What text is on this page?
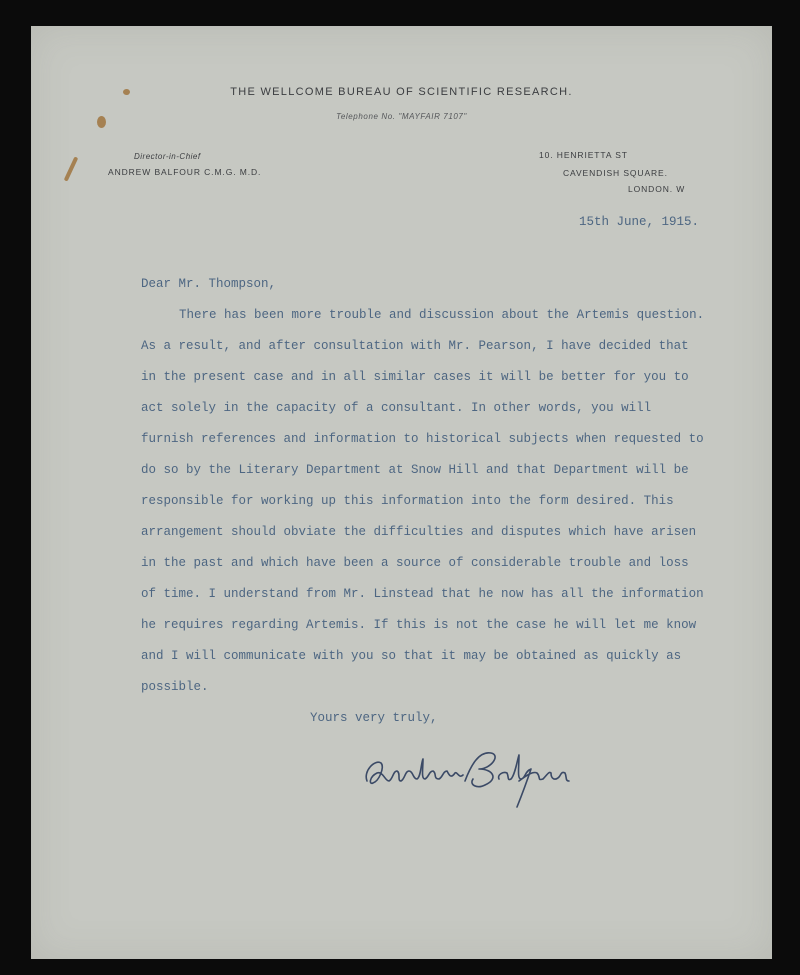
THE WELLCOME BUREAU OF SCIENTIFIC RESEARCH.
Telephone No. "MAYFAIR 7107"
Director-in-Chief
ANDREW BALFOUR C.M.G. M.D.
10. HENRIETTA ST
CAVENDISH SQUARE.
LONDON. W
15th June, 1915.
Dear Mr. Thompson,
There has been more trouble and discussion about the Artemis question.
As a result, and after consultation with Mr. Pearson, I have decided that
in the present case and in all similar cases it will be better for you to
act solely in the capacity of a consultant. In other words, you will
furnish references and information to historical subjects when requested to
do so by the Literary Department at Snow Hill and that Department will be
responsible for working up this information into the form desired. This
arrangement should obviate the difficulties and disputes which have arisen
in the past and which have been a source of considerable trouble and loss
of time. I understand from Mr. Linstead that he now has all the information
he requires regarding Artemis. If this is not the case he will let me know
and I will communicate with you so that it may be obtained as quickly as
possible.
Yours very truly,
